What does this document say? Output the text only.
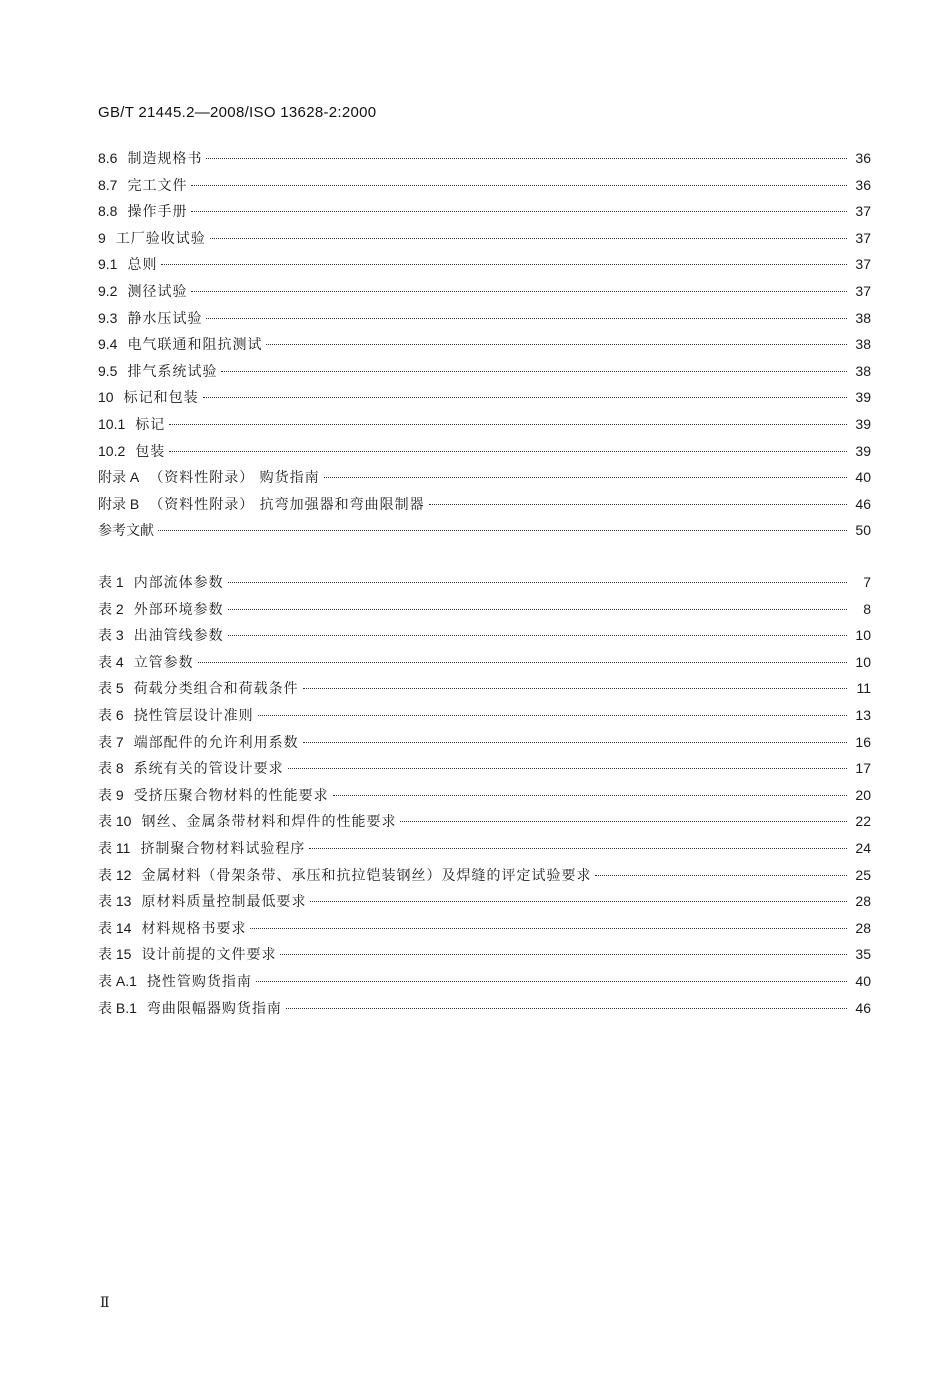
GB/T 21445.2—2008/ISO 13628-2:2000
8.6 制造规格书	36
8.7 完工文件	36
8.8 操作手册	37
9 工厂验收试验	37
9.1 总则	37
9.2 测径试验	37
9.3 静水压试验	38
9.4 电气联通和阻抗测试	38
9.5 排气系统试验	38
10 标记和包装	39
10.1 标记	39
10.2 包装	39
附录 A （资料性附录） 购货指南	40
附录 B （资料性附录） 抗弯加强器和弯曲限制器	46
参考文献	50
表 1 内部流体参数	7
表 2 外部环境参数	8
表 3 出油管线参数	10
表 4 立管参数	10
表 5 荷载分类组合和荷载条件	11
表 6 挠性管层设计准则	13
表 7 端部配件的允许利用系数	16
表 8 系统有关的管设计要求	17
表 9 受挤压聚合物材料的性能要求	20
表 10 钢丝、金属条带材料和焊件的性能要求	22
表 11 挤制聚合物材料试验程序	24
表 12 金属材料（骨架条带、承压和抗拉铠装钢丝）及焊缝的评定试验要求	25
表 13 原材料质量控制最低要求	28
表 14 材料规格书要求	28
表 15 设计前提的文件要求	35
表 A.1 挠性管购货指南	40
表 B.1 弯曲限幅器购货指南	46
Ⅱ
